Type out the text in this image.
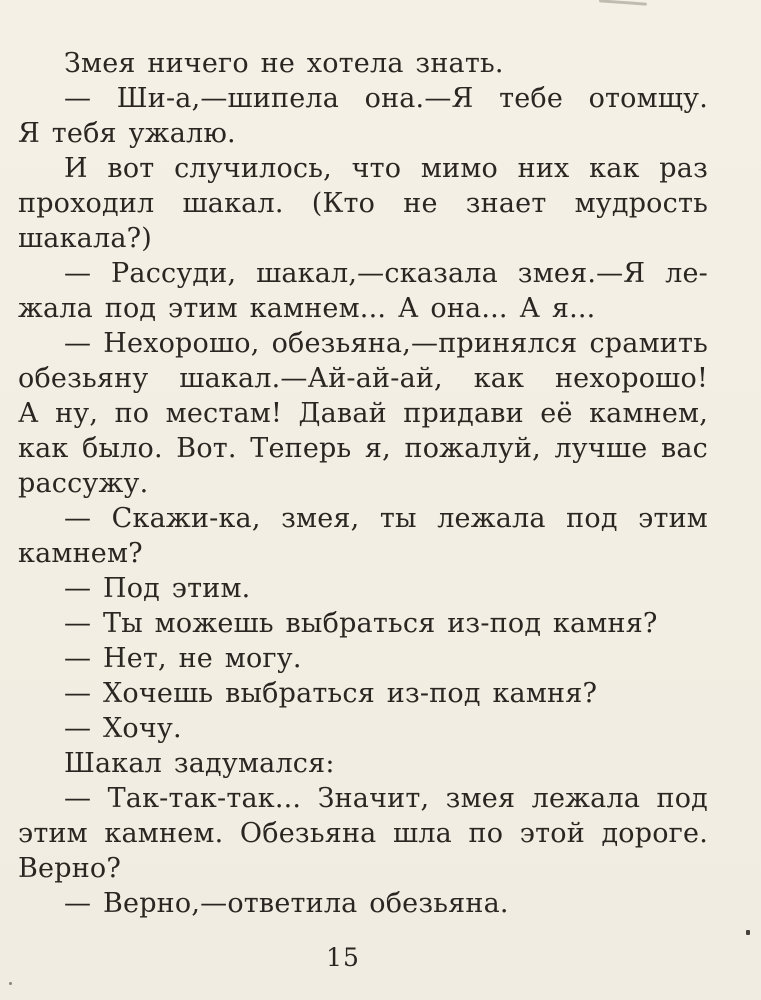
Змея ничего не хотела знать.
— Ши-а,—шипела она.—Я тебе отомщу.
Я тебя ужалю.
И вот случилось, что мимо них как раз
проходил шакал. (Кто не знает мудрость
шакала?)
— Рассуди, шакал,—сказала змея.—Я ле-
жала под этим камнем... А она... А я...
— Нехорошо, обезьяна,—принялся срамить
обезьяну шакал.—Ай-ай-ай, как нехорошо!
А ну, по местам! Давай придави её камнем,
как было. Вот. Теперь я, пожалуй, лучше вас
рассужу.
— Скажи-ка, змея, ты лежала под этим
камнем?
— Под этим.
— Ты можешь выбраться из-под камня?
— Нет, не могу.
— Хочешь выбраться из-под камня?
— Хочу.
Шакал задумался:
— Так-так-так... Значит, змея лежала под
этим камнем. Обезьяна шла по этой дороге.
Верно?
— Верно,—ответила обезьяна.
15
